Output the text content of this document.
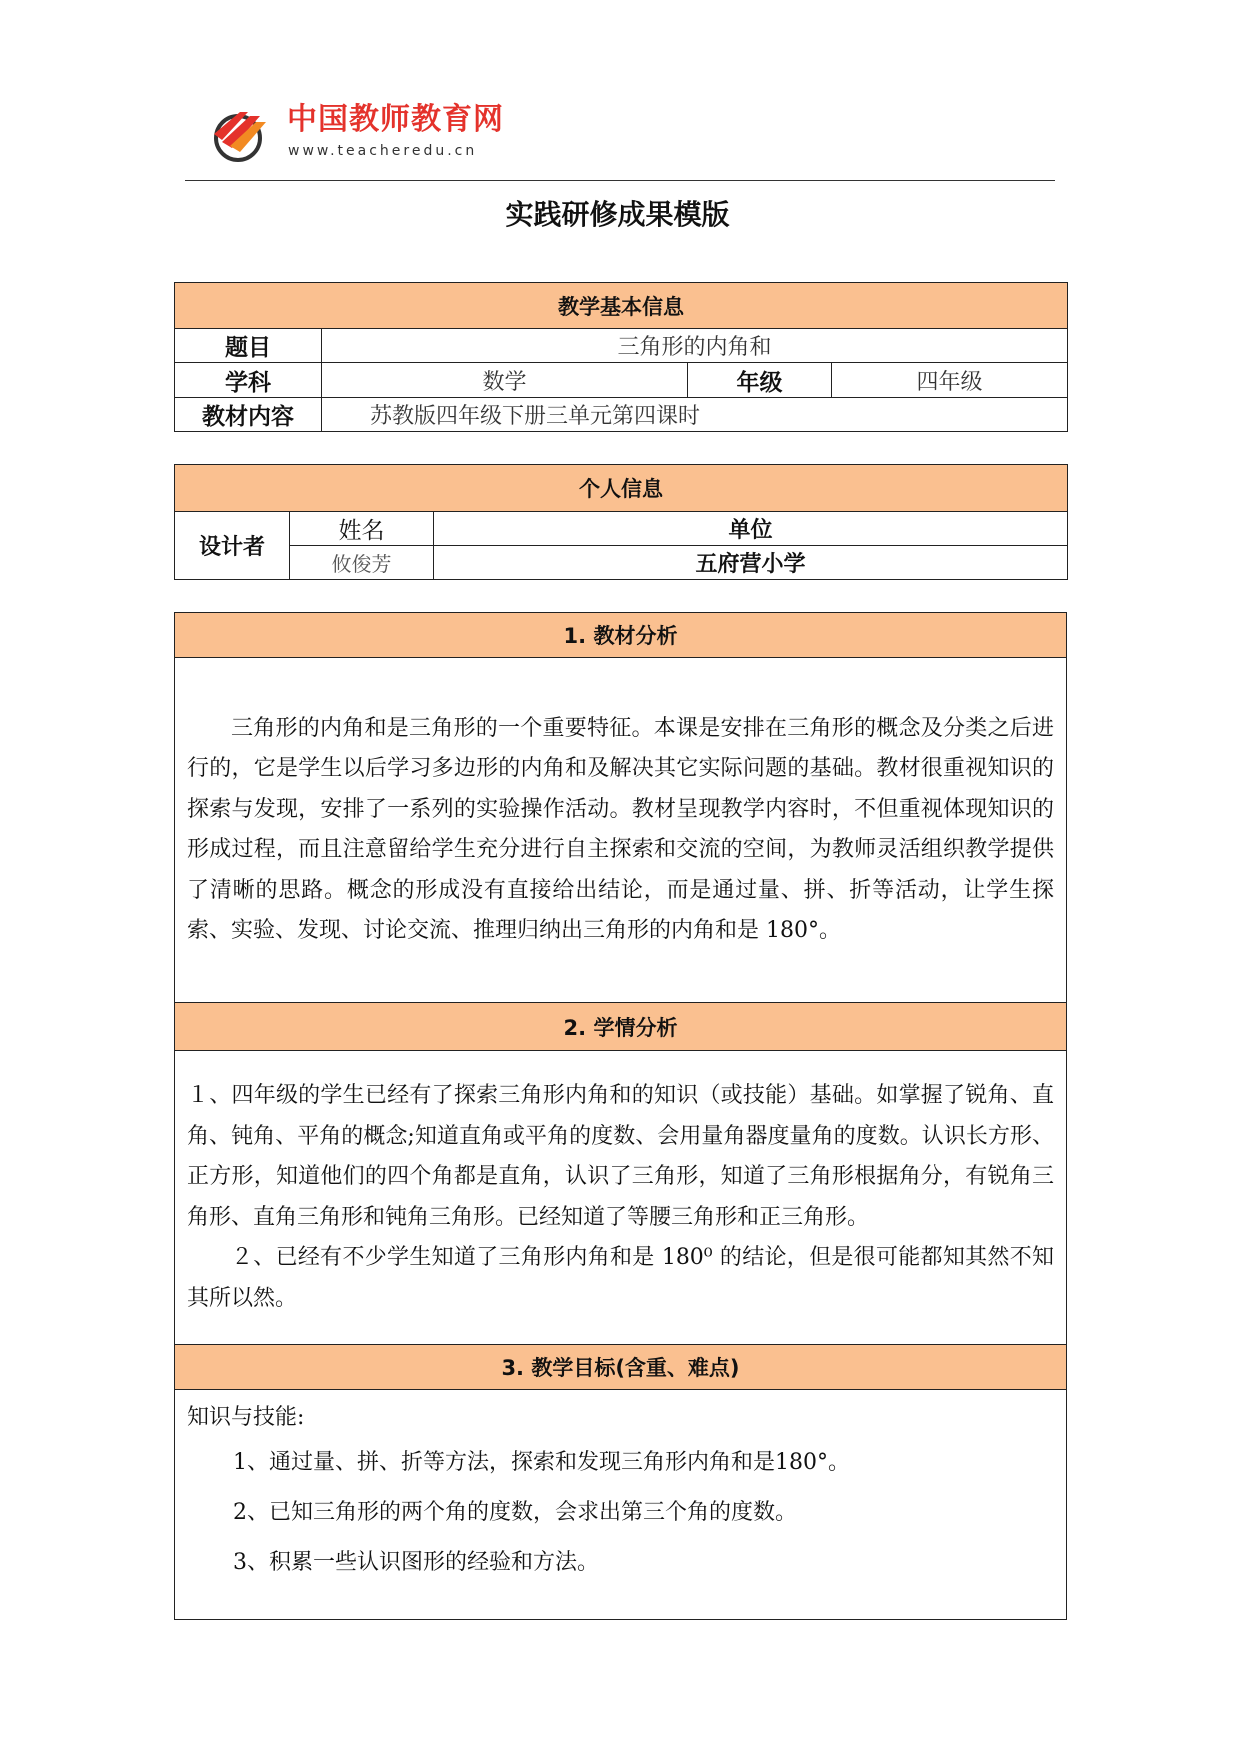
中国教师教育网
www.teacheredu.cn
实践研修成果模版
教学基本信息			
题目	三角形的内角和		
学科	数学	年级	四年级
教材内容	苏教版四年级下册三单元第四课时		
个人信息		
设计者	姓名	单位
	攸俊芳	五府营小学
1. 教材分析

三角形的内角和是三角形的一个重要特征。本课是安排在三角形的概念及分类之后进行的，它是学生以后学习多边形的内角和及解决其它实际问题的基础。教材很重视知识的探索与发现，安排了一系列的实验操作活动。教材呈现教学内容时，不但重视体现知识的形成过程，而且注意留给学生充分进行自主探索和交流的空间，为教师灵活组织教学提供了清晰的思路。概念的形成没有直接给出结论，而是通过量、拼、折等活动，让学生探索、实验、发现、讨论交流、推理归纳出三角形的内角和是 180°。

2. 学情分析

１、四年级的学生已经有了探索三角形内角和的知识（或技能）基础。如掌握了锐角、直角、钝角、平角的概念;知道直角或平角的度数、会用量角器度量角的度数。认识长方形、正方形，知道他们的四个角都是直角，认识了三角形，知道了三角形根据角分，有锐角三角形、直角三角形和钝角三角形。已经知道了等腰三角形和正三角形。

２、已经有不少学生知道了三角形内角和是 180⁰ 的结论，但是很可能都知其然不知其所以然。

3. 教学目标(含重、难点)

知识与技能:

1、通过量、拼、折等方法，探索和发现三角形内角和是180°。

2、已知三角形的两个角的度数，会求出第三个角的度数。

3、积累一些认识图形的经验和方法。
